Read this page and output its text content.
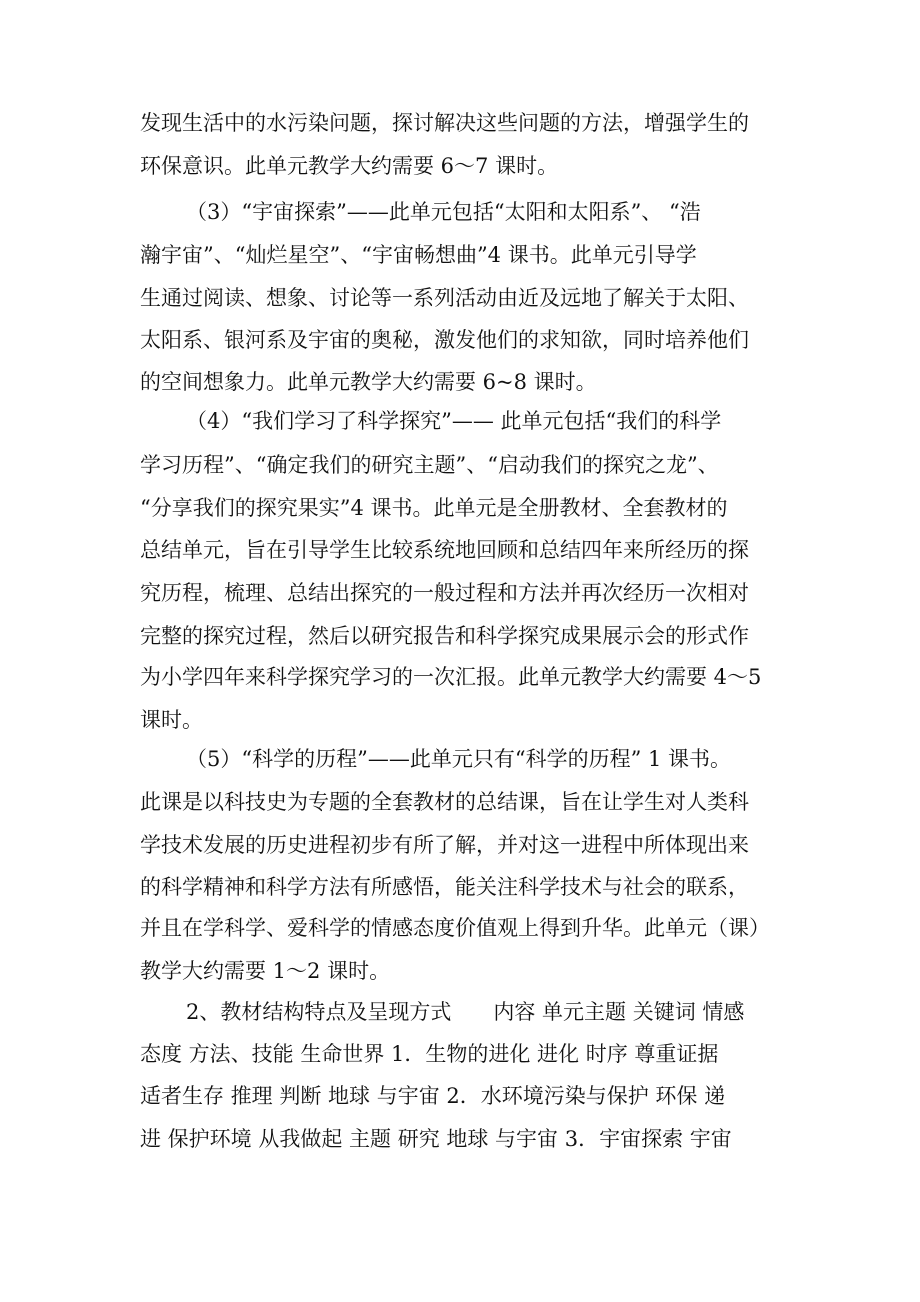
发现生活中的水污染问题，探讨解决这些问题的方法，增强学生的

环保意识。此单元教学大约需要 6～7 课时。

（3）“宇宙探索”——此单元包括“太阳和太阳系”、 “浩

瀚宇宙”、“灿烂星空”、“宇宙畅想曲”4 课书。此单元引导学

生通过阅读、想象、讨论等一系列活动由近及远地了解关于太阳、

太阳系、银河系及宇宙的奥秘，激发他们的求知欲，同时培养他们

的空间想象力。此单元教学大约需要 6~8 课时。

（4）“我们学习了科学探究”—— 此单元包括“我们的科学

学习历程”、“确定我们的研究主题”、“启动我们的探究之龙”、

“分享我们的探究果实”4 课书。此单元是全册教材、全套教材的

总结单元，旨在引导学生比较系统地回顾和总结四年来所经历的探

究历程，梳理、总结出探究的一般过程和方法并再次经历一次相对

完整的探究过程，然后以研究报告和科学探究成果展示会的形式作

为小学四年来科学探究学习的一次汇报。此单元教学大约需要 4～5

课时。

（5）“科学的历程”——此单元只有“科学的历程” 1 课书。

此课是以科技史为专题的全套教材的总结课，旨在让学生对人类科

学技术发展的历史进程初步有所了解，并对这一进程中所体现出来

的科学精神和科学方法有所感悟，能关注科学技术与社会的联系，

并且在学科学、爱科学的情感态度价值观上得到升华。此单元（课）

教学大约需要 1～2 课时。

2、教材结构特点及呈现方式　　内容 单元主题 关键词 情感

态度 方法、技能 生命世界 1．生物的进化 进化 时序 尊重证据

适者生存 推理 判断 地球 与宇宙 2．水环境污染与保护 环保 递

进 保护环境 从我做起 主题 研究 地球 与宇宙 3．宇宙探索 宇宙
